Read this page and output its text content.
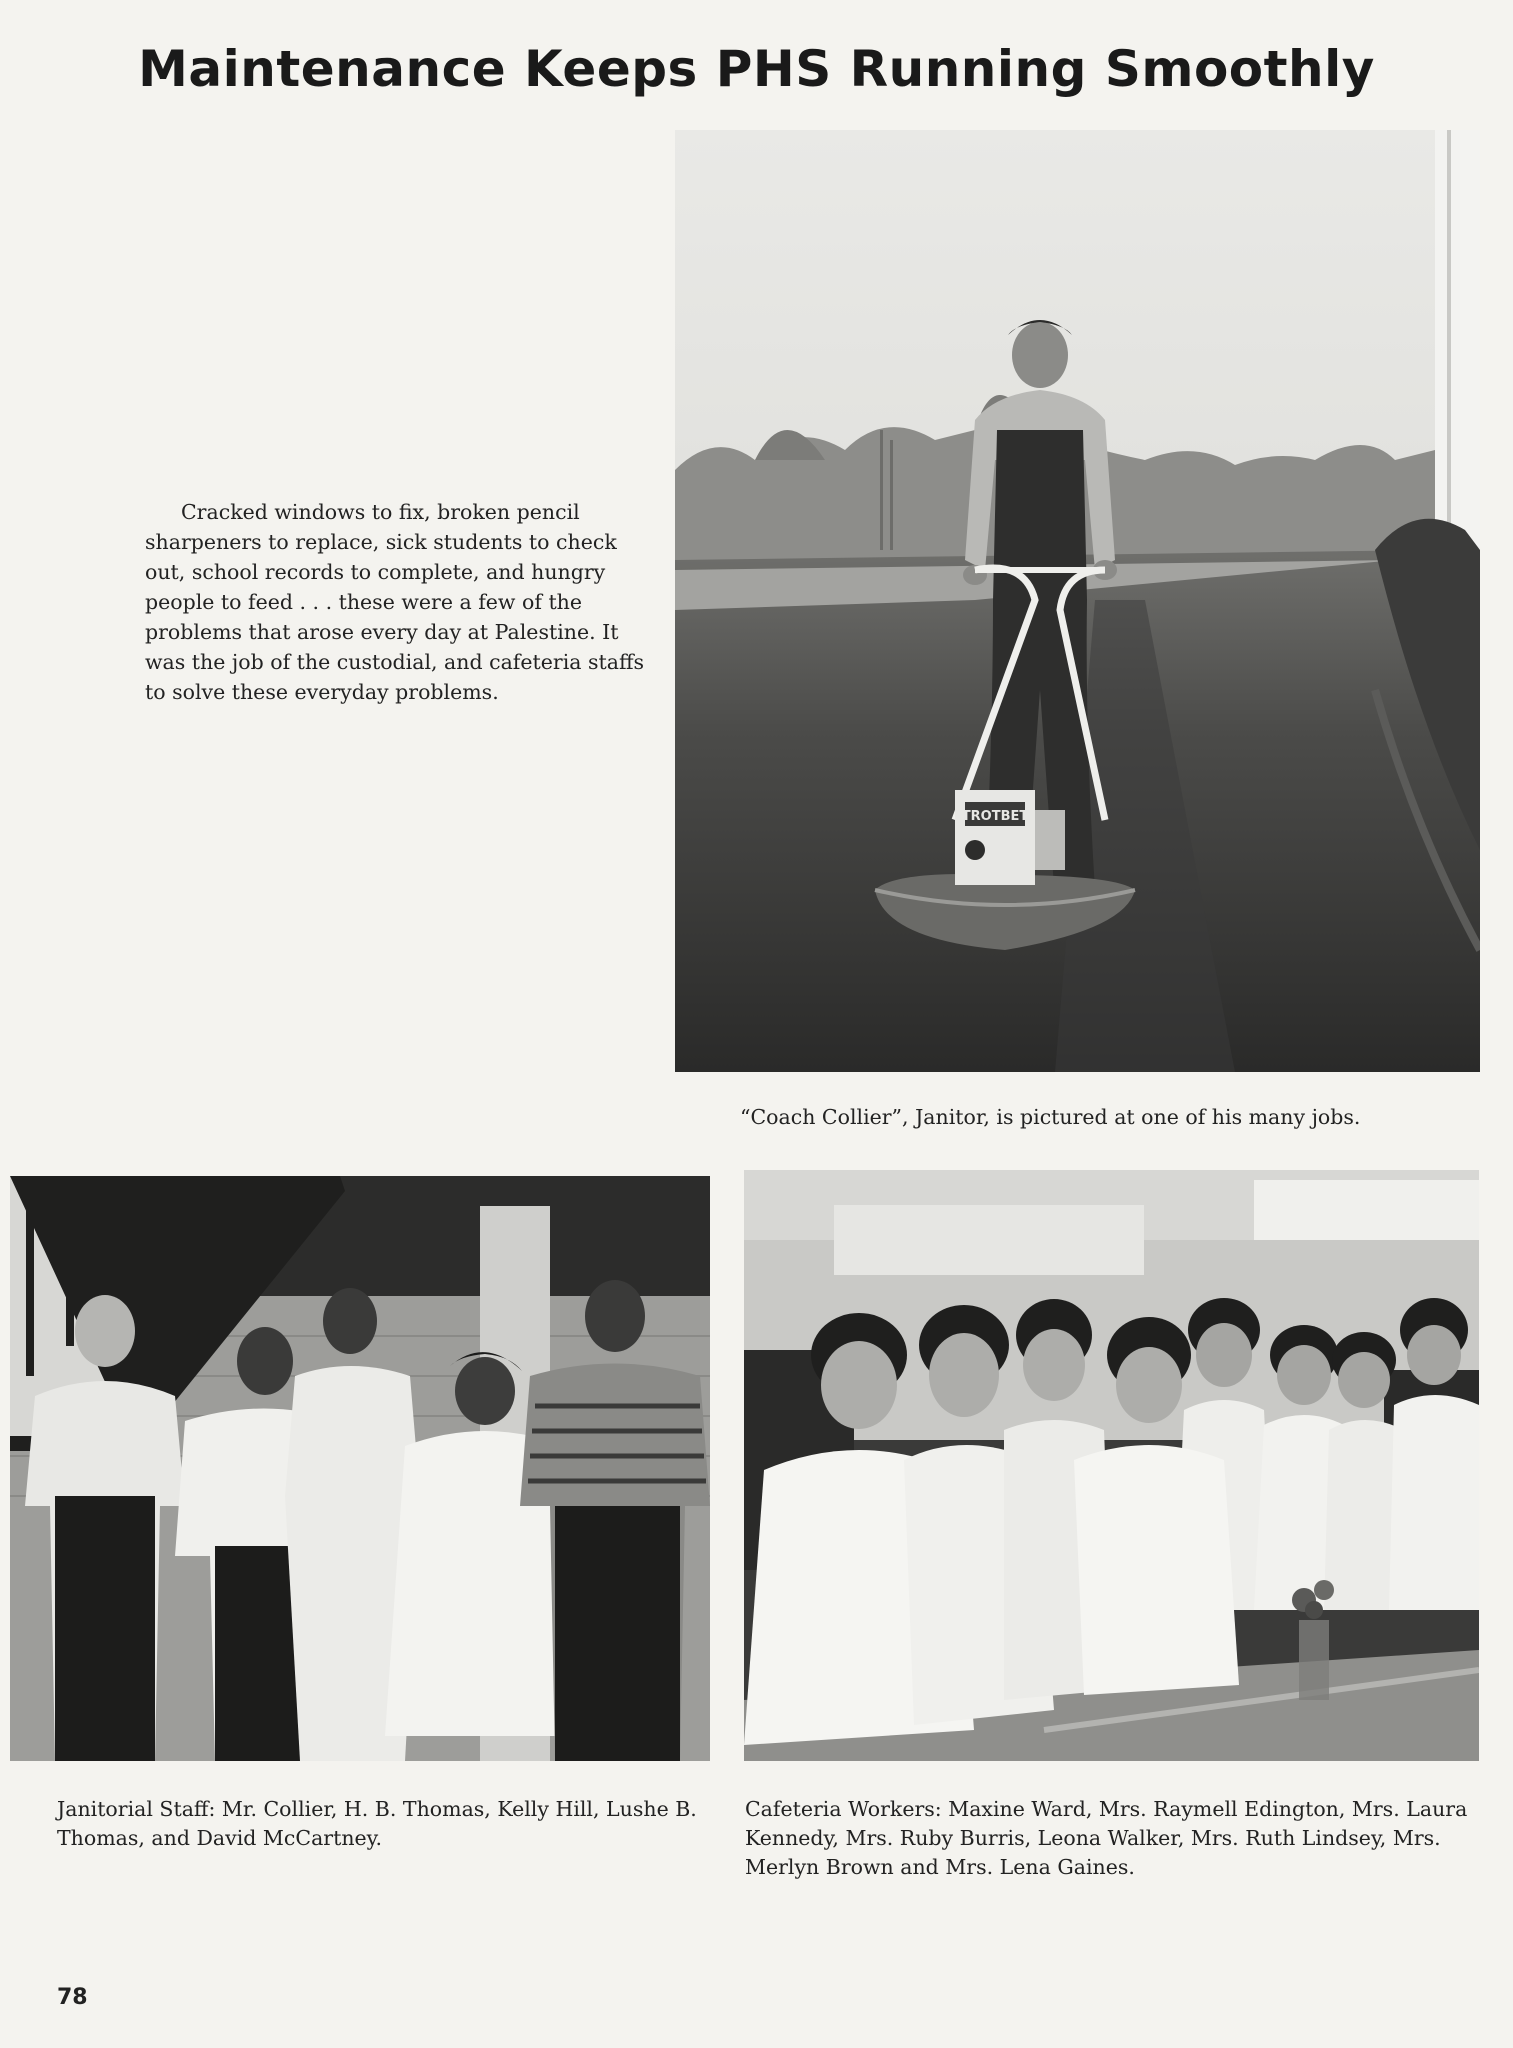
Maintenance Keeps PHS Running Smoothly
Cracked windows to fix, broken pencil sharpeners to replace, sick students to check out, school records to complete, and hungry people to feed . . . these were a few of the problems that arose every day at Palestine. It was the job of the custodial, and cafeteria staffs to solve these everyday problems.
TROTBET
“Coach Collier”, Janitor, is pictured at one of his many jobs.
Janitorial Staff: Mr. Collier, H. B. Thomas, Kelly Hill, Lushe B. Thomas, and David McCartney.
Cafeteria Workers: Maxine Ward, Mrs. Raymell Edington, Mrs. Laura Kennedy, Mrs. Ruby Burris, Leona Walker, Mrs. Ruth Lindsey, Mrs. Merlyn Brown and Mrs. Lena Gaines.
78
